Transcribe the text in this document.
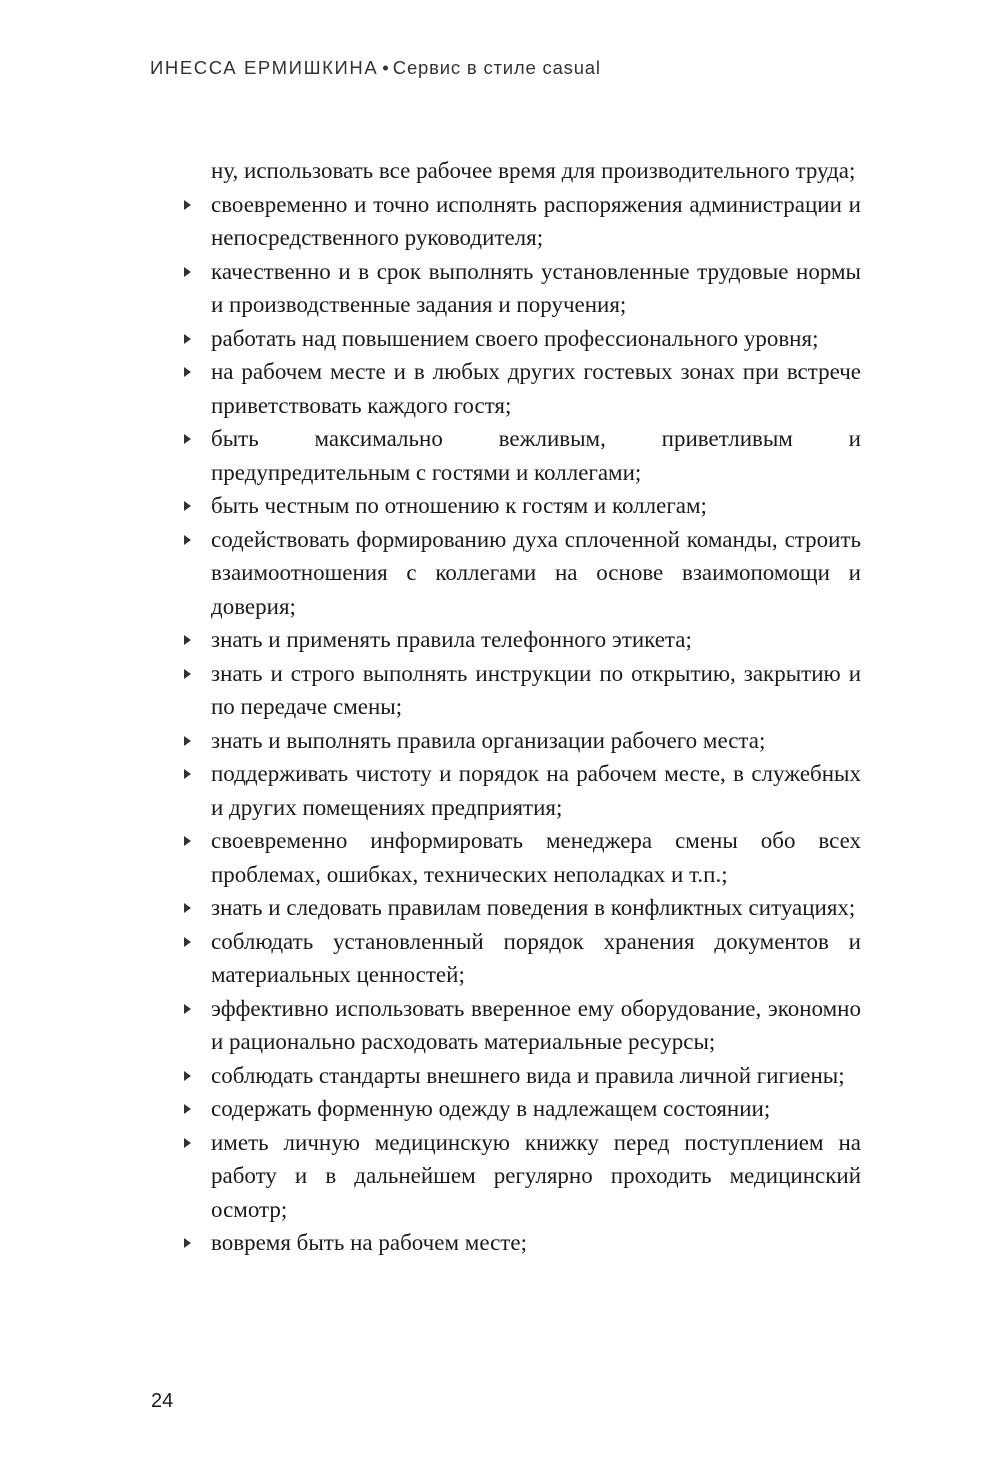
ИНЕССА ЕРМИШКИНА • Сервис в стиле casual

ну, использовать все рабочее время для производительного труда;

своевременно и точно исполнять распоряжения администрации и непосредственного руководителя;
качественно и в срок выполнять установленные трудовые нормы и производственные задания и поручения;
работать над повышением своего профессионального уровня;
на рабочем месте и в любых других гостевых зонах при встрече приветствовать каждого гостя;
быть максимально вежливым, приветливым и предупредительным с гостями и коллегами;
быть честным по отношению к гостям и коллегам;
содействовать формированию духа сплоченной команды, строить взаимоотношения с коллегами на основе взаимопомощи и доверия;
знать и применять правила телефонного этикета;
знать и строго выполнять инструкции по открытию, закрытию и по передаче смены;
знать и выполнять правила организации рабочего места;
поддерживать чистоту и порядок на рабочем месте, в служебных и других помещениях предприятия;
своевременно информировать менеджера смены обо всех проблемах, ошибках, технических неполадках и т.п.;
знать и следовать правилам поведения в конфликтных ситуациях;
соблюдать установленный порядок хранения документов и материальных ценностей;
эффективно использовать вверенное ему оборудование, экономно и рационально расходовать материальные ресурсы;
соблюдать стандарты внешнего вида и правила личной гигиены;
содержать форменную одежду в надлежащем состоянии;
иметь личную медицинскую книжку перед поступлением на работу и в дальнейшем регулярно проходить медицинский осмотр;
вовремя быть на рабочем месте;
24
